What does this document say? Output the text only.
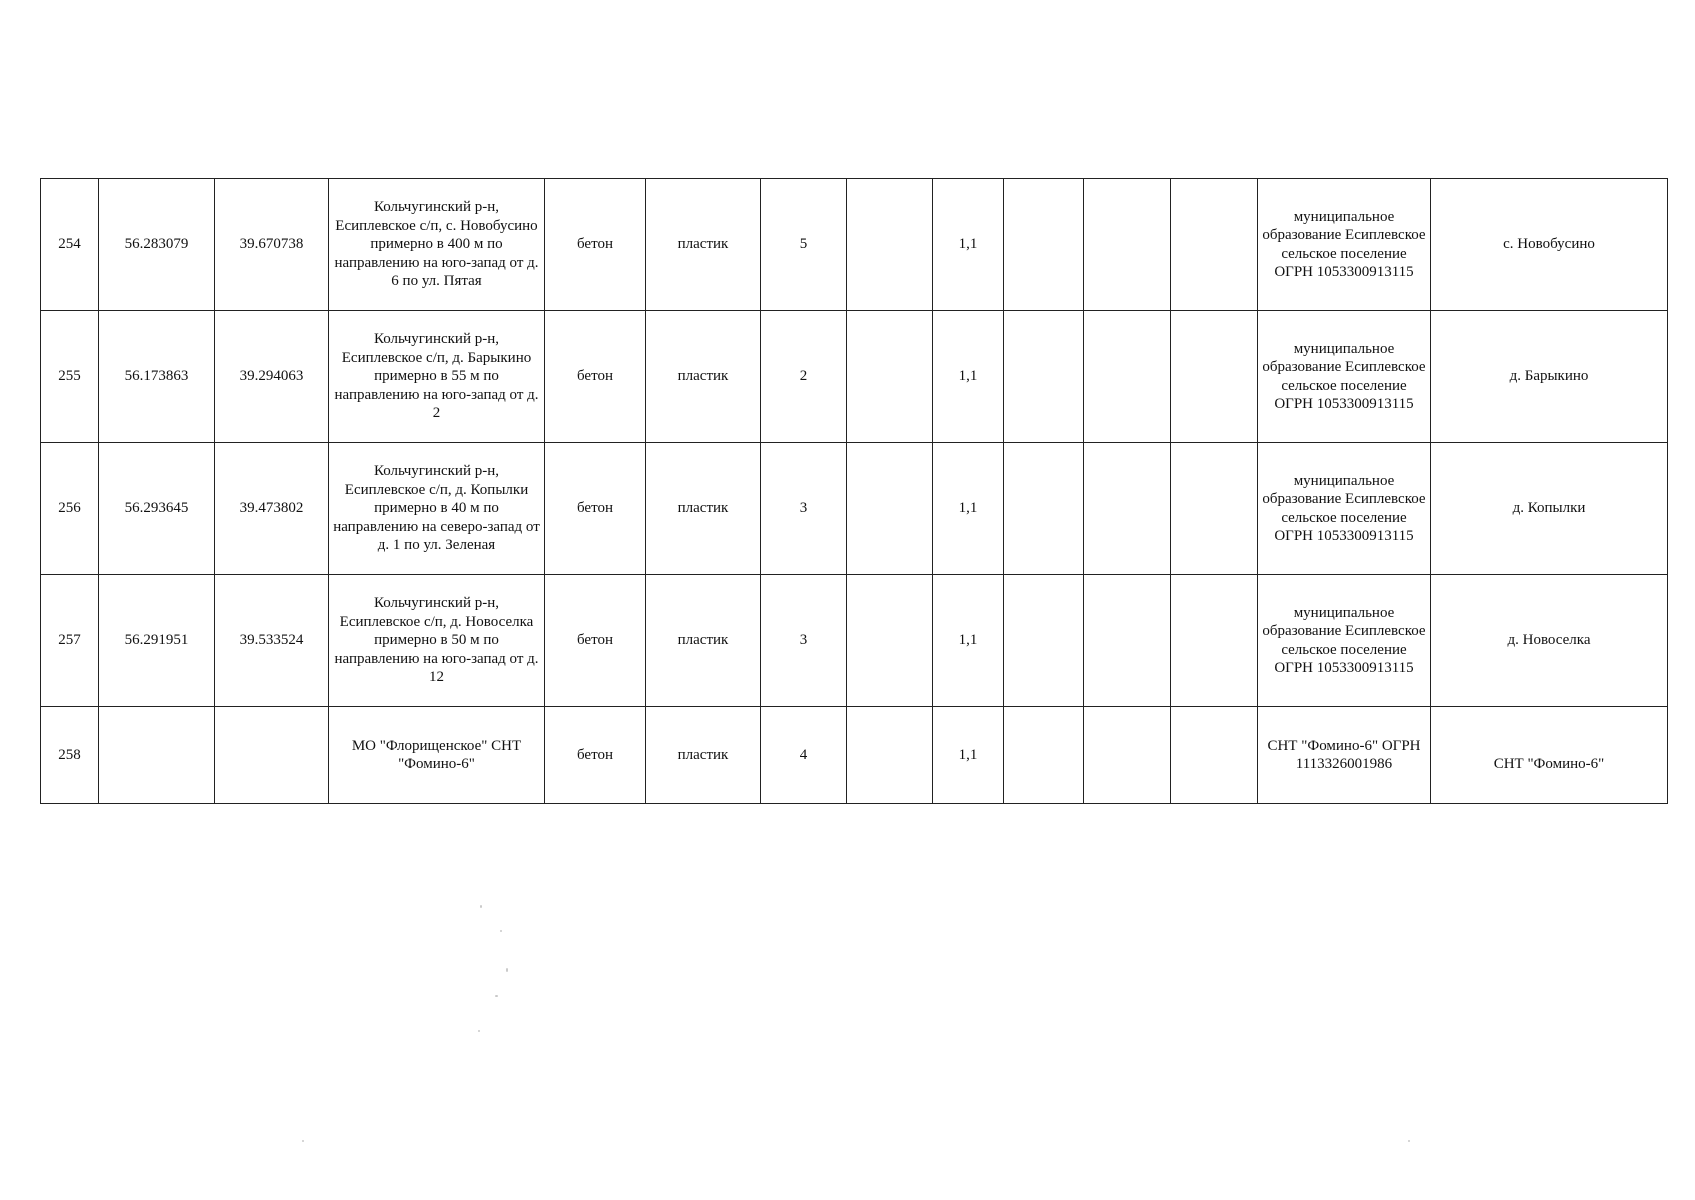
254	56.283079	39.670738	Кольчугинский р-н, Есиплевское с/п, с. Новобусино примерно в 400 м по направлению на юго-запад от д. 6 по ул. Пятая	бетон	пластик	5		1,1				муниципальное образование Есиплевское сельское поселение ОГРН 1053300913115	с. Новобусино
255	56.173863	39.294063	Кольчугинский р-н, Есиплевское с/п, д. Барыкино примерно в 55 м по направлению на юго-запад от д. 2	бетон	пластик	2		1,1				муниципальное образование Есиплевское сельское поселение ОГРН 1053300913115	д. Барыкино
256	56.293645	39.473802	Кольчугинский р-н, Есиплевское с/п, д. Копылки примерно в 40 м по направлению на северо-запад от д. 1 по ул. Зеленая	бетон	пластик	3		1,1				муниципальное образование Есиплевское сельское поселение ОГРН 1053300913115	д. Копылки
257	56.291951	39.533524	Кольчугинский р-н, Есиплевское с/п, д. Новоселка примерно в 50 м по направлению на юго-запад от д. 12	бетон	пластик	3		1,1				муниципальное образование Есиплевское сельское поселение ОГРН 1053300913115	д. Новоселка
258			МО "Флорищенское" СНТ "Фомино-6"	бетон	пластик	4		1,1				СНТ "Фомино-6" ОГРН 1113326001986	СНТ "Фомино-6"
